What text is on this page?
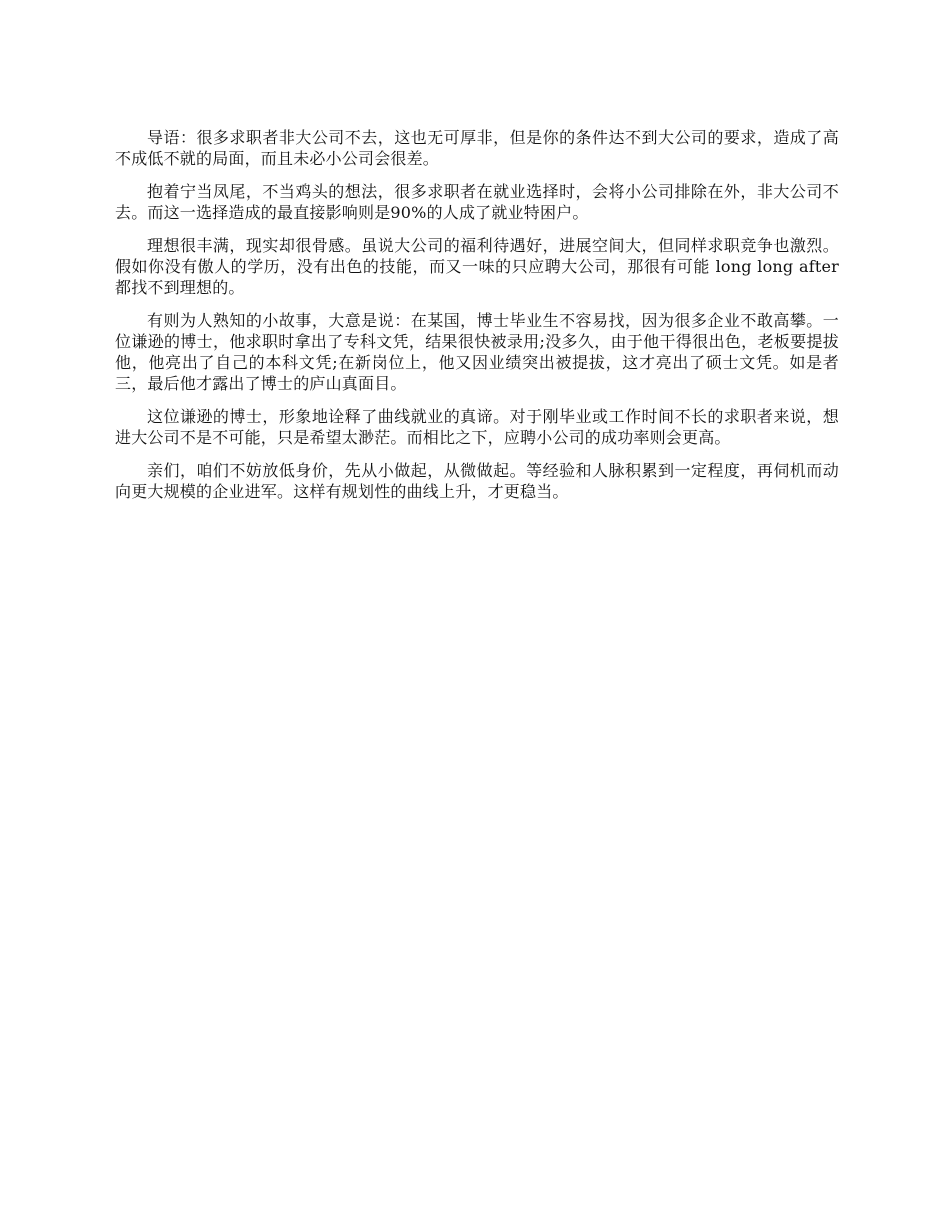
导语：很多求职者非大公司不去，这也无可厚非，但是你的条件达不到大公司的要求，造成了高不成低不就的局面，而且未必小公司会很差。

抱着宁当凤尾，不当鸡头的想法，很多求职者在就业选择时，会将小公司排除在外，非大公司不去。而这一选择造成的最直接影响则是90%的人成了就业特困户。

理想很丰满，现实却很骨感。虽说大公司的福利待遇好，进展空间大，但同样求职竞争也激烈。假如你没有傲人的学历，没有出色的技能，而又一味的只应聘大公司，那很有可能 long long after 都找不到理想的。

有则为人熟知的小故事，大意是说：在某国，博士毕业生不容易找，因为很多企业不敢高攀。一位谦逊的博士，他求职时拿出了专科文凭，结果很快被录用;没多久，由于他干得很出色，老板要提拔他，他亮出了自己的本科文凭;在新岗位上，他又因业绩突出被提拔，这才亮出了硕士文凭。如是者三，最后他才露出了博士的庐山真面目。

这位谦逊的博士，形象地诠释了曲线就业的真谛。对于刚毕业或工作时间不长的求职者来说，想进大公司不是不可能，只是希望太渺茫。而相比之下，应聘小公司的成功率则会更高。

亲们，咱们不妨放低身价，先从小做起，从微做起。等经验和人脉积累到一定程度，再伺机而动向更大规模的企业进军。这样有规划性的曲线上升，才更稳当。
